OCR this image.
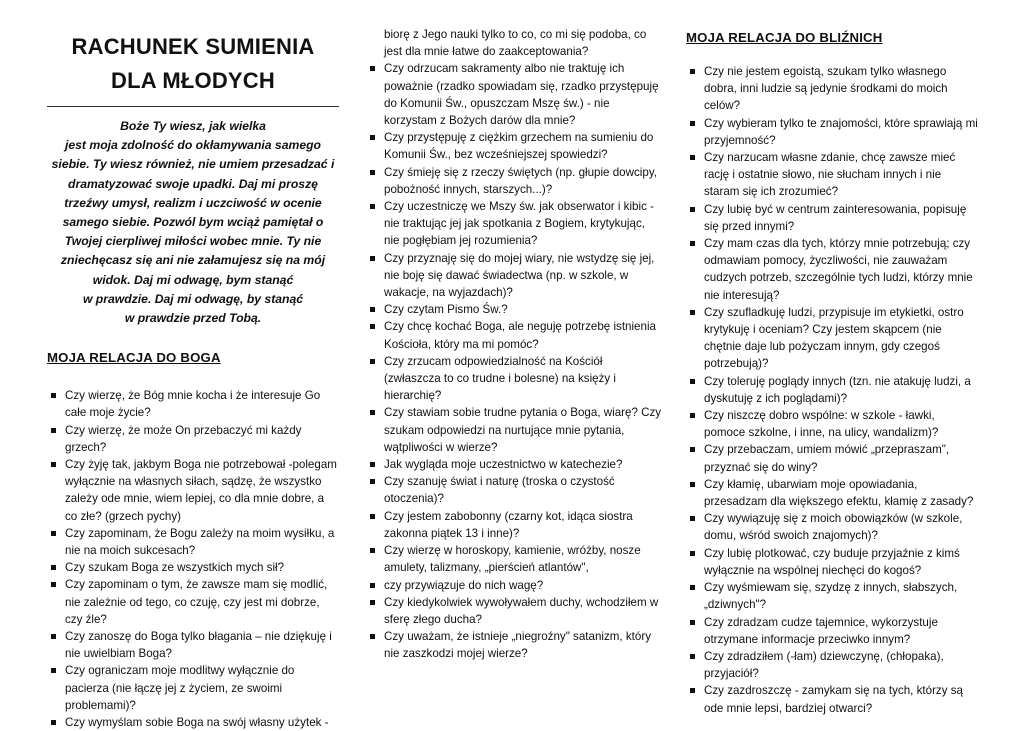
RACHUNEK SUMIENIA
DLA MŁODYCH
Boże Ty wiesz, jak wielka
jest moja zdolność do okłamywania samego
siebie. Ty wiesz również, nie umiem przesadzać i
dramatyzować swoje upadki. Daj mi proszę
trzeźwy umysł, realizm i uczciwość w ocenie
samego siebie. Pozwól bym wciąż pamiętał o
Twojej cierpliwej miłości wobec mnie. Ty nie
zniechęcasz się ani nie załamujesz się na mój
widok. Daj mi odwagę, bym stanąć
w prawdzie. Daj mi odwagę, by stanąć
w prawdzie przed Tobą.
MOJA RELACJA DO BOGA
Czy wierzę, że Bóg mnie kocha i że interesuje Go całe moje życie?
Czy wierzę, że może On przebaczyć mi każdy grzech?
Czy żyję tak, jakbym Boga nie potrzebował -polegam wyłącznie na własnych siłach, sądzę, że wszystko zależy ode mnie, wiem lepiej, co dla mnie dobre, a co złe? (grzech pychy)
Czy zapominam, że Bogu zależy na moim wysiłku, a nie na moich sukcesach?
Czy szukam Boga ze wszystkich mych sił?
Czy zapominam o tym, że zawsze mam się modlić, nie zależnie od tego, co czuję, czy jest mi dobrze, czy źle?
Czy zanoszę do Boga tylko błagania – nie dziękuję i nie uwielbiam Boga?
Czy ograniczam moje modlitwy wyłącznie do pacierza (nie łączę jej z życiem, ze swoimi problemami)?
Czy wymyślam sobie Boga na swój własny użytek -
biorę z Jego nauki tylko to co, co mi się podoba, co jest dla mnie łatwe do zaakceptowania?
Czy odrzucam sakramenty albo nie traktuję ich poważnie (rzadko spowiadam się, rzadko przystępuję do Komunii Św., opuszczam Mszę św.) - nie korzystam z Bożych darów dla mnie?
Czy przystępuję z ciężkim grzechem na sumieniu do Komunii Św., bez wcześniejszej spowiedzi?
Czy śmieję się z rzeczy świętych (np. głupie dowcipy, pobożność innych, starszych...)?
Czy uczestniczę we Mszy św. jak obserwator i kibic - nie traktując jej jak spotkania z Bogiem, krytykując, nie pogłębiam jej rozumienia?
Czy przyznaję się do mojej wiary, nie wstydzę się jej, nie boję się dawać świadectwa (np. w szkole, w wakacje, na wyjazdach)?
Czy czytam Pismo Św.?
Czy chcę kochać Boga, ale neguję potrzebę istnienia Kościoła, który ma mi pomóc?
Czy zrzucam odpowiedzialność na Kościół (zwłaszcza to co trudne i bolesne) na księży i hierarchię?
Czy stawiam sobie trudne pytania o Boga, wiarę? Czy szukam odpowiedzi na nurtujące mnie pytania, wątpliwości w wierze?
Jak wygląda moje uczestnictwo w katechezie?
Czy szanuję świat i naturę (troska o czystość otoczenia)?
Czy jestem zabobonny (czarny kot, idąca siostra zakonna piątek 13 i inne)?
Czy wierzę w horoskopy, kamienie, wróżby, nosze amulety, talizmany, „pierścień atlantów",
czy przywiązuje do nich wagę?
Czy kiedykolwiek wywoływałem duchy, wchodziłem w sferę złego ducha?
Czy uważam, że istnieje „niegroźny" satanizm, który nie zaszkodzi mojej wierze?
MOJA RELACJA DO BLIŹNICH
Czy nie jestem egoistą, szukam tylko własnego dobra, inni ludzie są jedynie środkami do moich celów?
Czy wybieram tylko te znajomości, które sprawiają mi przyjemność?
Czy narzucam własne zdanie, chcę zawsze mieć rację i ostatnie słowo, nie słucham innych i nie staram się ich zrozumieć?
Czy lubię być w centrum zainteresowania, popisuję się przed innymi?
Czy mam czas dla tych, którzy mnie potrzebują; czy odmawiam pomocy, życzliwości, nie zauważam cudzych potrzeb, szczególnie tych ludzi, którzy mnie nie interesują?
Czy szufladkuję ludzi, przypisuje im etykietki, ostro krytykuję i oceniam? Czy jestem skąpcem (nie chętnie daje lub pożyczam innym, gdy czegoś potrzebują)?
Czy toleruję poglądy innych (tzn. nie atakuję ludzi, a dyskutuję z ich poglądami)?
Czy niszczę dobro wspólne: w szkole - ławki, pomoce szkolne, i inne, na ulicy, wandalizm)?
Czy przebaczam, umiem mówić „przepraszam", przyznać się do winy?
Czy kłamię, ubarwiam moje opowiadania, przesadzam dla większego efektu, kłamię z zasady?
Czy wywiązuję się z moich obowiązków (w szkole, domu, wśród swoich znajomych)?
Czy lubię plotkować, czy buduje przyjaźnie z kimś wyłącznie na wspólnej niechęci do kogoś?
Czy wyśmiewam się, szydzę z innych, słabszych, „dziwnych"?
Czy zdradzam cudze tajemnice, wykorzystuje otrzymane informacje przeciwko innym?
Czy zdradziłem (-łam) dziewczynę, (chłopaka), przyjaciół?
Czy zazdroszczę - zamykam się na tych, którzy są ode mnie lepsi, bardziej otwarci?
